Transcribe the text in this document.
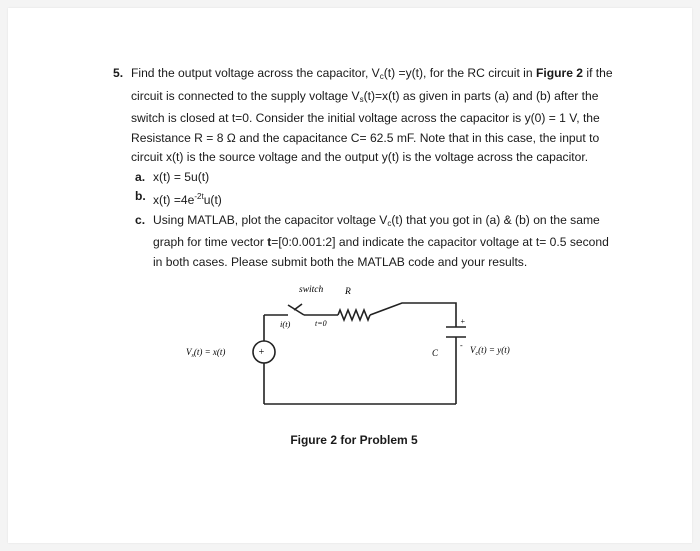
5. Find the output voltage across the capacitor, $V_c(t) =y(t)$, for the RC circuit in Figure 2 if the circuit is connected to the supply voltage $V_s(t)=x(t)$ as given in parts (a) and (b) after the switch is closed at t=0. Consider the initial voltage across the capacitor is y(0) = 1 V, the Resistance R = 8 Ω and the capacitance C= 62.5 mF. Note that in this case, the input to circuit x(t) is the source voltage and the output y(t) is the voltage across the capacitor.

a. x(t) = 5u(t)
b. $x(t) =4e^{-2t}u(t)$
c. Using MATLAB, plot the capacitor voltage $V_c(t)$ that you got in (a) & (b) on the same graph for time vector t=[0:0.001:2] and indicate the capacitor voltage at t= 0.5 second in both cases. Please submit both the MATLAB code and your results.
+
switch R
i(t)	t=0
$V_s(t) = x(t)$	C
+
- $V_c(t) = y(t)$
Figure 2 for Problem 5
